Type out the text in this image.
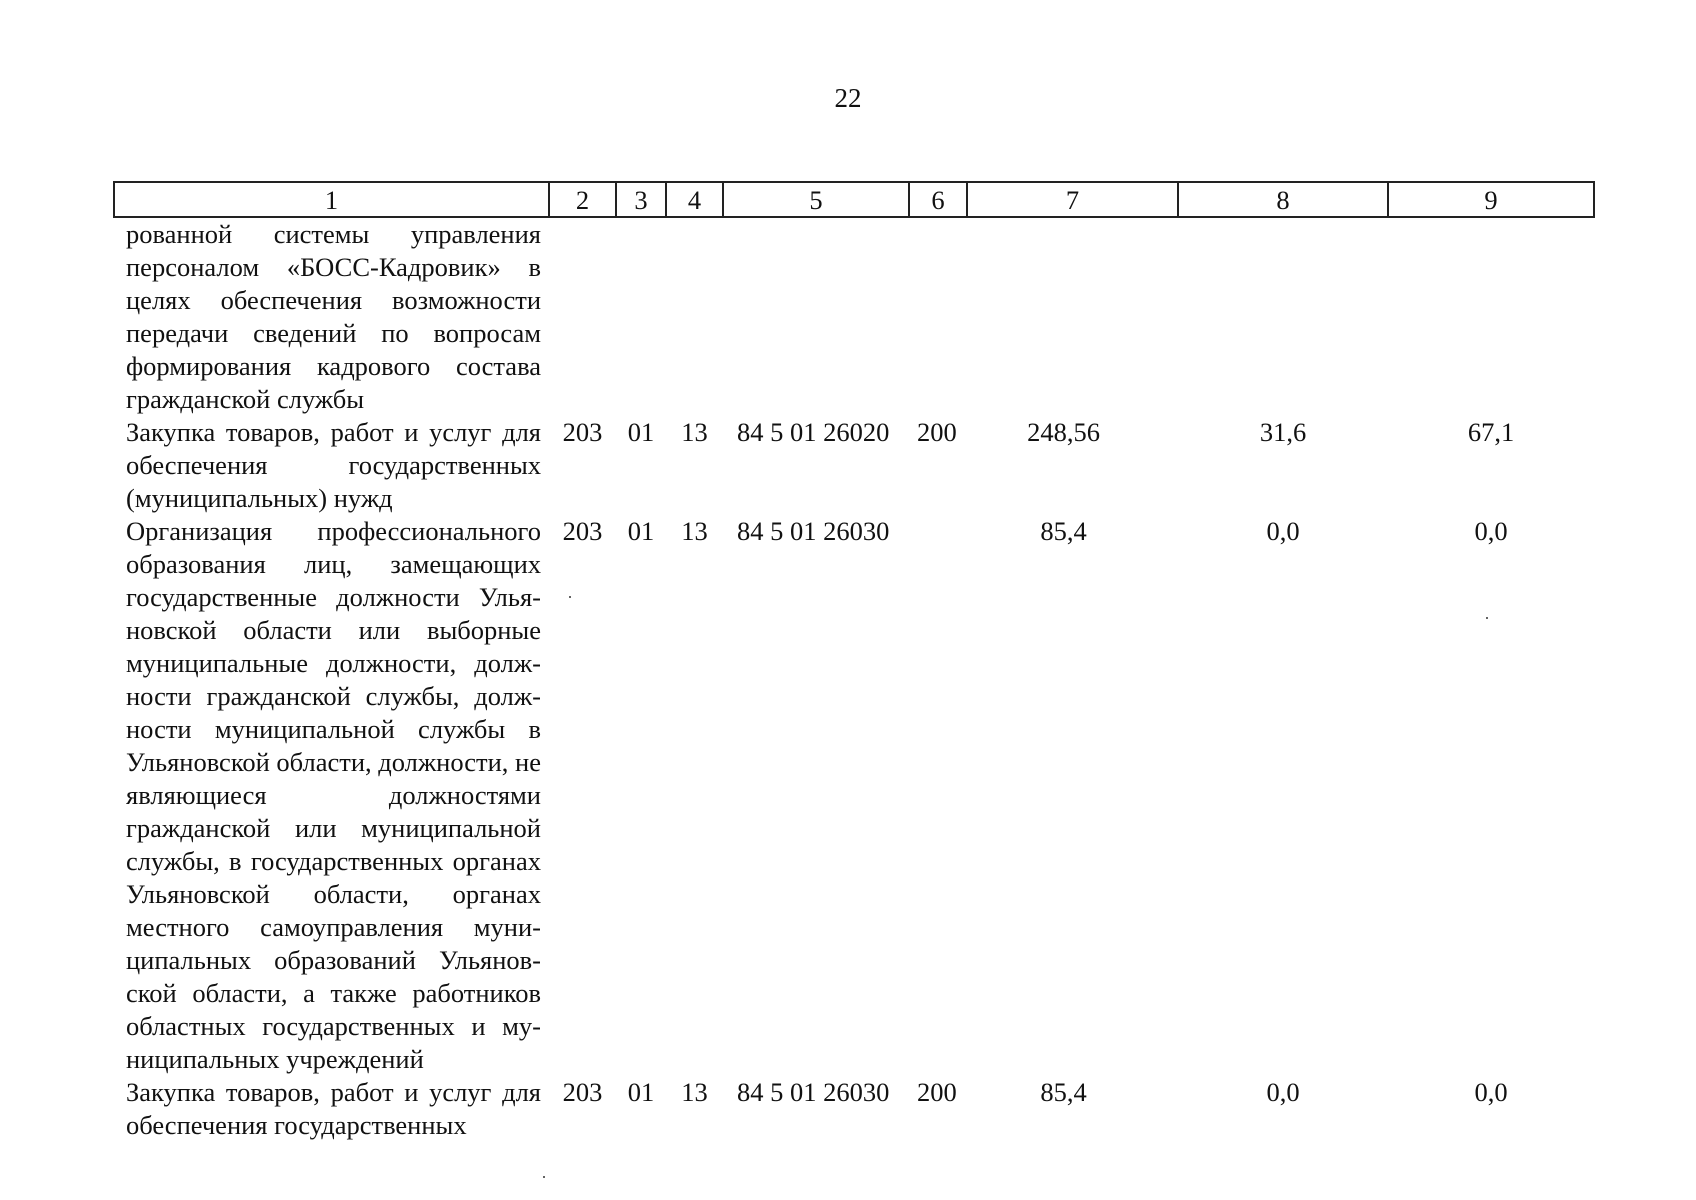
22
1	2	3	4	5	6	7	8	9
рованной системы управления персоналом «БОСС-Кадровик» в целях обеспечения возможности передачи сведений по вопросам формирования кадрового состава гражданской службы								
Закупка товаров, работ и услуг для обеспечения государственных (муниципальных) нужд	203	01	13	84 5 01 26020	200	248,56	31,6	67,1
Организация профессионального образования лиц, замещающих государственные должности Ульяновской области или выборные муниципальные должности, должности гражданской службы, должности муниципальной службы в Ульяновской области, должности, не являющиеся должностями гражданской или муниципальной службы, в государственных органах Ульяновской области, органах местного самоуправления муниципальных образований Ульяновской области, а также работников областных государственных и муниципальных учреждений	203	01	13	84 5 01 26030		85,4	0,0	0,0
Закупка товаров, работ и услуг для обеспечения государственных	203	01	13	84 5 01 26030	200	85,4	0,0	0,0
